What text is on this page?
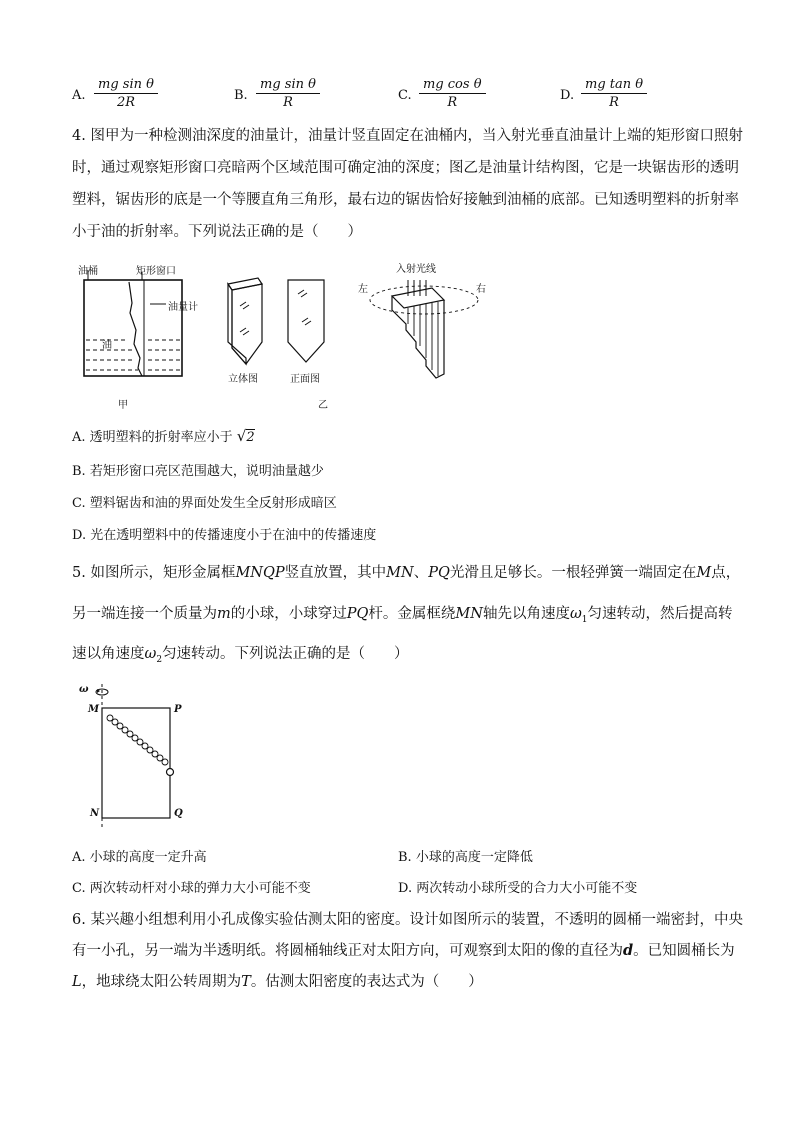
A. $\frac{\text{mg sin θ}}{2R}$	B. $\frac{\text{mg sin θ}}{R}$	C. $\frac{\text{mg cos θ}}{R}$	D. $\frac{\text{mg tan θ}}{R}$
4. 图甲为一种检测油深度的油量计，油量计竖直固定在油桶内，当入射光垂直油量计上端的矩形窗口照射
时，通过观察矩形窗口亮暗两个区域范围可确定油的深度；图乙是油量计结构图，它是一块锯齿形的透明
塑料，锯齿形的底是一个等腰直角三角形，最右边的锯齿恰好接触到油桶的底部。已知透明塑料的折射率
小于油的折射率。下列说法正确的是（　　）
油桶	矩形窗口
油量计
油
甲
立体图	正面图
乙
入射光线
左	右
A. 透明塑料的折射率应小于 √2
B. 若矩形窗口亮区范围越大，说明油量越少
C. 塑料锯齿和油的界面处发生全反射形成暗区
D. 光在透明塑料中的传播速度小于在油中的传播速度
5. 如图所示，矩形金属框MNQP竖直放置，其中MN、PQ光滑且足够长。一根轻弹簧一端固定在M点，
另一端连接一个质量为m的小球，小球穿过PQ杆。金属框绕MN轴先以角速度$\omega_1$匀速转动，然后提高转
速以角速度$\omega_2$匀速转动。下列说法正确的是（　　）
ω
M	P
N	Q
A. 小球的高度一定升高	B. 小球的高度一定降低
C. 两次转动杆对小球的弹力大小可能不变	D. 两次转动小球所受的合力大小可能不变
6. 某兴趣小组想利用小孔成像实验估测太阳的密度。设计如图所示的装置，不透明的圆桶一端密封，中央
有一小孔，另一端为半透明纸。将圆桶轴线正对太阳方向，可观察到太阳的像的直径为d。已知圆桶长为
L，地球绕太阳公转周期为T。估测太阳密度的表达式为（　　）
